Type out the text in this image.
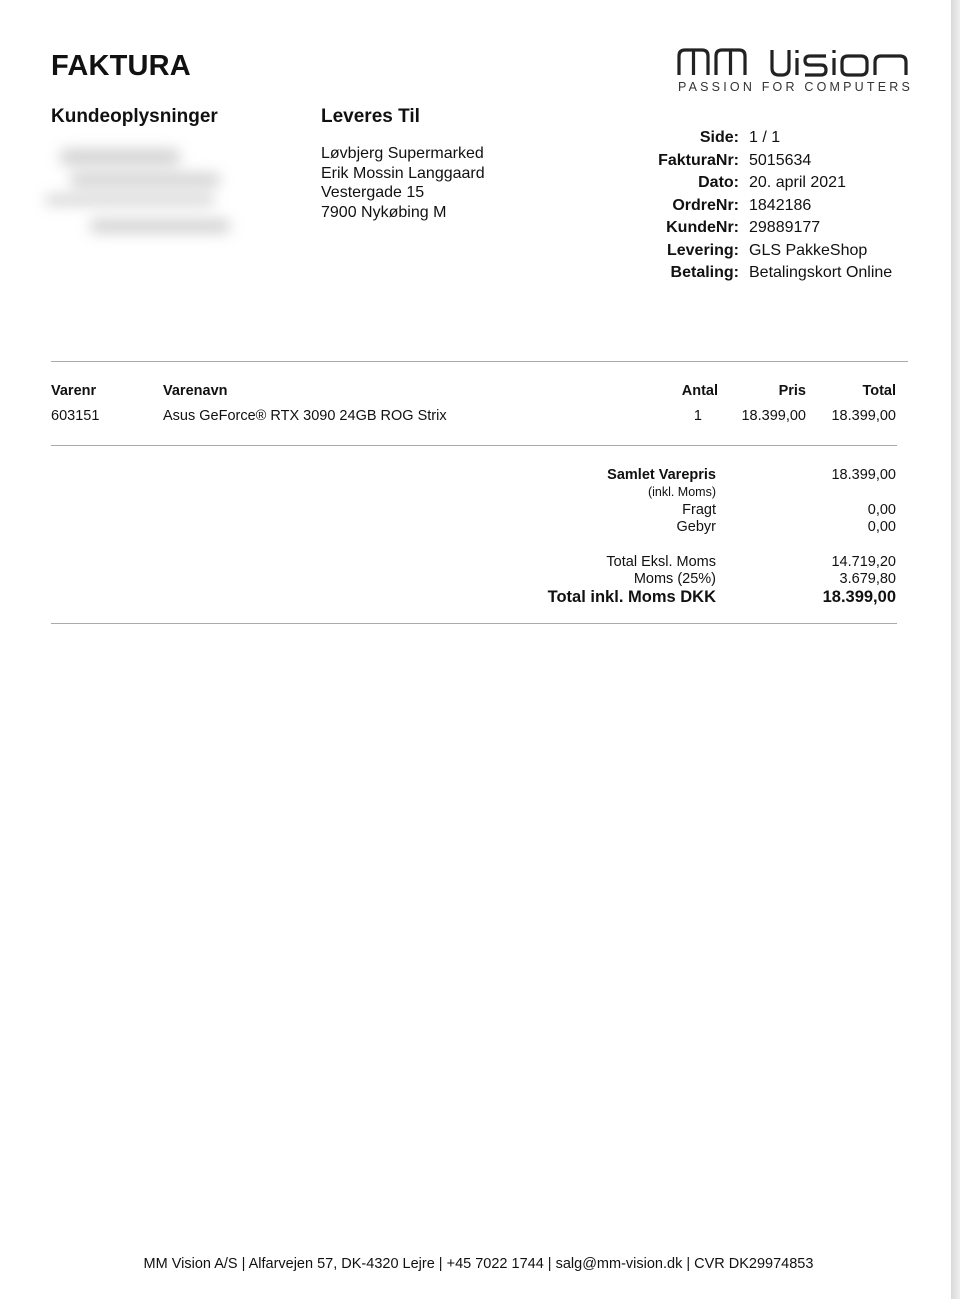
FAKTURA
PASSION FOR COMPUTERS
Kundeoplysninger	Leveres Til
Løvbjerg Supermarked
Erik Mossin Langgaard
Vestergade 15
7900 Nykøbing M
Side: 1 / 1
FakturaNr: 5015634
Dato: 20. april 2021
OrdreNr: 1842186
KundeNr: 29889177
Levering: GLS PakkeShop
Betaling: Betalingskort Online
Varenr	Varenavn	Antal	Pris	Total
603151	Asus GeForce® RTX 3090 24GB ROG Strix	1	18.399,00	18.399,00
Samlet Varepris	18.399,00
(inkl. Moms)
Fragt	0,00
Gebyr	0,00
Total Eksl. Moms	14.719,20
Moms (25%)	3.679,80
Total inkl. Moms DKK	18.399,00
MM Vision A/S | Alfarvejen 57, DK-4320 Lejre | +45 7022 1744 | salg@mm-vision.dk | CVR DK29974853
